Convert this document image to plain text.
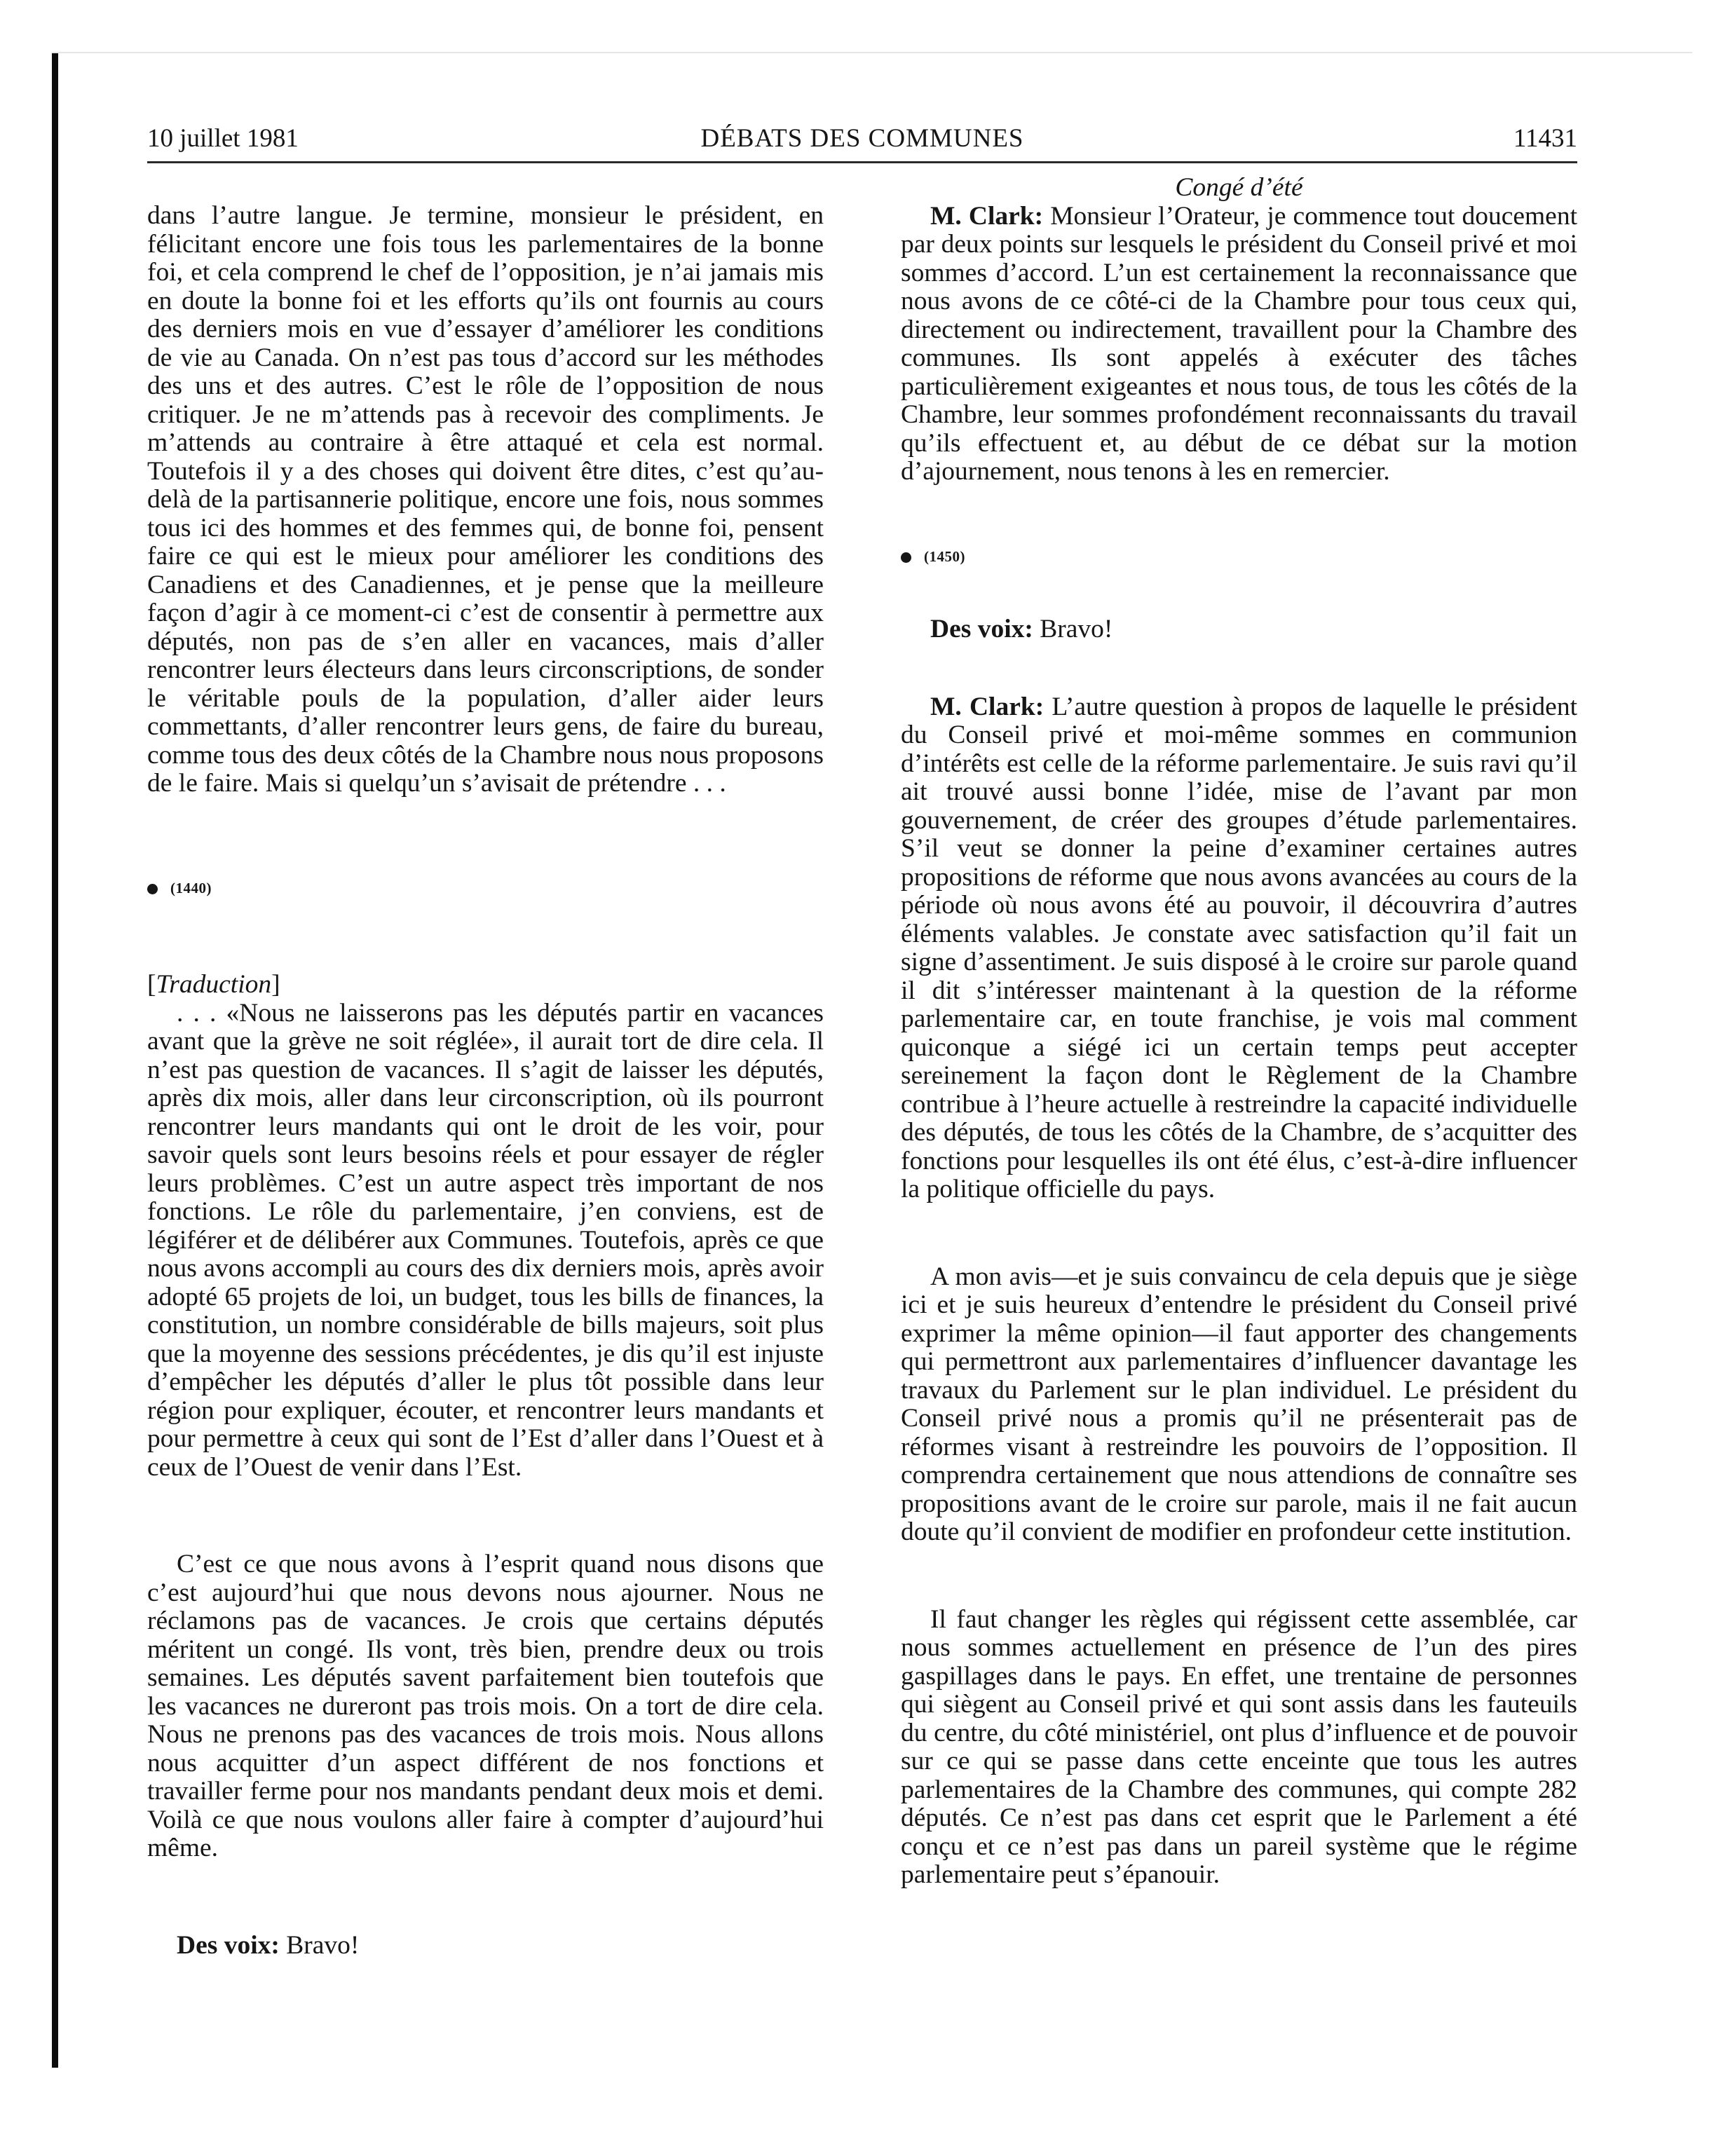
10 juillet 1981	DÉBATS DES COMMUNES	11431

dans l’autre langue. Je termine, monsieur le président, en félicitant encore une fois tous les parlementaires de la bonne foi, et cela comprend le chef de l’opposition, je n’ai jamais mis en doute la bonne foi et les efforts qu’ils ont fournis au cours des derniers mois en vue d’essayer d’améliorer les conditions de vie au Canada. On n’est pas tous d’accord sur les méthodes des uns et des autres. C’est le rôle de l’opposition de nous critiquer. Je ne m’attends pas à recevoir des compliments. Je m’attends au contraire à être attaqué et cela est normal. Toutefois il y a des choses qui doivent être dites, c’est qu’au-delà de la partisannerie politique, encore une fois, nous sommes tous ici des hommes et des femmes qui, de bonne foi, pensent faire ce qui est le mieux pour améliorer les conditions des Canadiens et des Canadiennes, et je pense que la meilleure façon d’agir à ce moment-ci c’est de consentir à permettre aux députés, non pas de s’en aller en vacances, mais d’aller rencontrer leurs électeurs dans leurs circonscriptions, de sonder le véritable pouls de la population, d’aller aider leurs commettants, d’aller rencontrer leurs gens, de faire du bureau, comme tous des deux côtés de la Chambre nous nous proposons de le faire. Mais si quelqu’un s’avisait de prétendre . . .

(1440)

[Traduction]

. . . «Nous ne laisserons pas les députés partir en vacances avant que la grève ne soit réglée», il aurait tort de dire cela. Il n’est pas question de vacances. Il s’agit de laisser les députés, après dix mois, aller dans leur circonscription, où ils pourront rencontrer leurs mandants qui ont le droit de les voir, pour savoir quels sont leurs besoins réels et pour essayer de régler leurs problèmes. C’est un autre aspect très important de nos fonctions. Le rôle du parlementaire, j’en conviens, est de légiférer et de délibérer aux Communes. Toutefois, après ce que nous avons accompli au cours des dix derniers mois, après avoir adopté 65 projets de loi, un budget, tous les bills de finances, la constitution, un nombre considérable de bills majeurs, soit plus que la moyenne des sessions précédentes, je dis qu’il est injuste d’empêcher les députés d’aller le plus tôt possible dans leur région pour expliquer, écouter, et rencontrer leurs mandants et pour permettre à ceux qui sont de l’Est d’aller dans l’Ouest et à ceux de l’Ouest de venir dans l’Est.

C’est ce que nous avons à l’esprit quand nous disons que c’est aujourd’hui que nous devons nous ajourner. Nous ne réclamons pas de vacances. Je crois que certains députés méritent un congé. Ils vont, très bien, prendre deux ou trois semaines. Les députés savent parfaitement bien toutefois que les vacances ne dureront pas trois mois. On a tort de dire cela. Nous ne prenons pas des vacances de trois mois. Nous allons nous acquitter d’un aspect différent de nos fonctions et travailler ferme pour nos mandants pendant deux mois et demi. Voilà ce que nous voulons aller faire à compter d’aujourd’hui même.

Des voix: Bravo!

Congé d’été

M. Clark: Monsieur l’Orateur, je commence tout doucement par deux points sur lesquels le président du Conseil privé et moi sommes d’accord. L’un est certainement la reconnaissance que nous avons de ce côté-ci de la Chambre pour tous ceux qui, directement ou indirectement, travaillent pour la Chambre des communes. Ils sont appelés à exécuter des tâches particulièrement exigeantes et nous tous, de tous les côtés de la Chambre, leur sommes profondément reconnaissants du travail qu’ils effectuent et, au début de ce débat sur la motion d’ajournement, nous tenons à les en remercier.

(1450)

Des voix: Bravo!

M. Clark: L’autre question à propos de laquelle le président du Conseil privé et moi-même sommes en communion d’intérêts est celle de la réforme parlementaire. Je suis ravi qu’il ait trouvé aussi bonne l’idée, mise de l’avant par mon gouvernement, de créer des groupes d’étude parlementaires. S’il veut se donner la peine d’examiner certaines autres propositions de réforme que nous avons avancées au cours de la période où nous avons été au pouvoir, il découvrira d’autres éléments valables. Je constate avec satisfaction qu’il fait un signe d’assentiment. Je suis disposé à le croire sur parole quand il dit s’intéresser maintenant à la question de la réforme parlementaire car, en toute franchise, je vois mal comment quiconque a siégé ici un certain temps peut accepter sereinement la façon dont le Règlement de la Chambre contribue à l’heure actuelle à restreindre la capacité individuelle des députés, de tous les côtés de la Chambre, de s’acquitter des fonctions pour lesquelles ils ont été élus, c’est-à-dire influencer la politique officielle du pays.

A mon avis—et je suis convaincu de cela depuis que je siège ici et je suis heureux d’entendre le président du Conseil privé exprimer la même opinion—il faut apporter des changements qui permettront aux parlementaires d’influencer davantage les travaux du Parlement sur le plan individuel. Le président du Conseil privé nous a promis qu’il ne présenterait pas de réformes visant à restreindre les pouvoirs de l’opposition. Il comprendra certainement que nous attendions de connaître ses propositions avant de le croire sur parole, mais il ne fait aucun doute qu’il convient de modifier en profondeur cette institution.

Il faut changer les règles qui régissent cette assemblée, car nous sommes actuellement en présence de l’un des pires gaspillages dans le pays. En effet, une trentaine de personnes qui siègent au Conseil privé et qui sont assis dans les fauteuils du centre, du côté ministériel, ont plus d’influence et de pouvoir sur ce qui se passe dans cette enceinte que tous les autres parlementaires de la Chambre des communes, qui compte 282 députés. Ce n’est pas dans cet esprit que le Parlement a été conçu et ce n’est pas dans un pareil système que le régime parlementaire peut s’épanouir.
